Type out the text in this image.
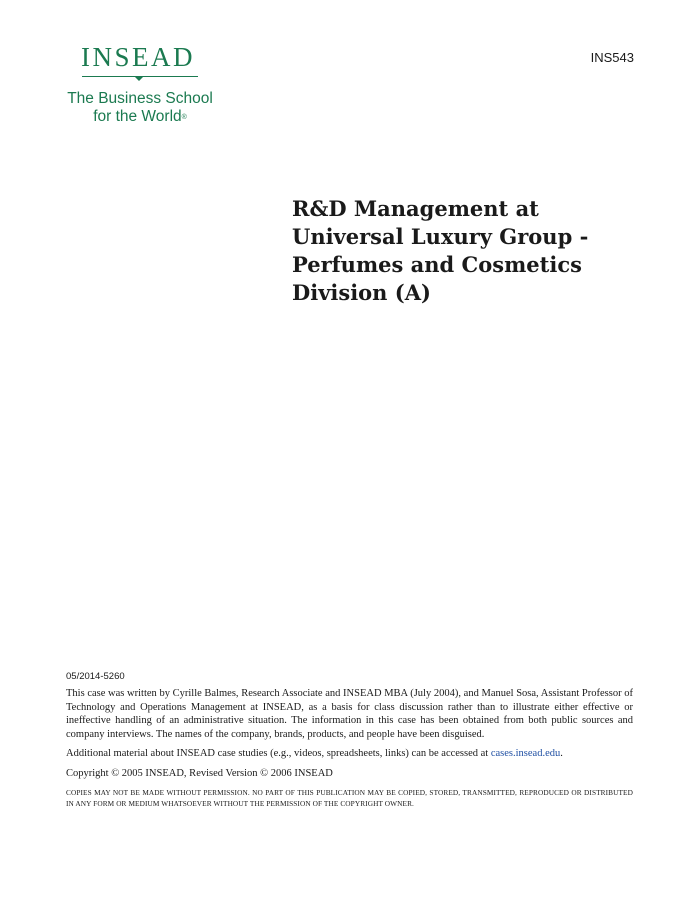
INSEAD
The Business School
for the World®
INS543
R&D Management at
Universal Luxury Group -
Perfumes and Cosmetics
Division (A)
05/2014-5260

This case was written by Cyrille Balmes, Research Associate and INSEAD MBA (July 2004), and Manuel Sosa, Assistant Professor of Technology and Operations Management at INSEAD, as a basis for class discussion rather than to illustrate either effective or ineffective handling of an administrative situation. The information in this case has been obtained from both public sources and company interviews. The names of the company, brands, products, and people have been disguised.

Additional material about INSEAD case studies (e.g., videos, spreadsheets, links) can be accessed at cases.insead.edu.

Copyright © 2005 INSEAD, Revised Version © 2006 INSEAD

COPIES MAY NOT BE MADE WITHOUT PERMISSION. NO PART OF THIS PUBLICATION MAY BE COPIED, STORED, TRANSMITTED, REPRODUCED OR DISTRIBUTED IN ANY FORM OR MEDIUM WHATSOEVER WITHOUT THE PERMISSION OF THE COPYRIGHT OWNER.
